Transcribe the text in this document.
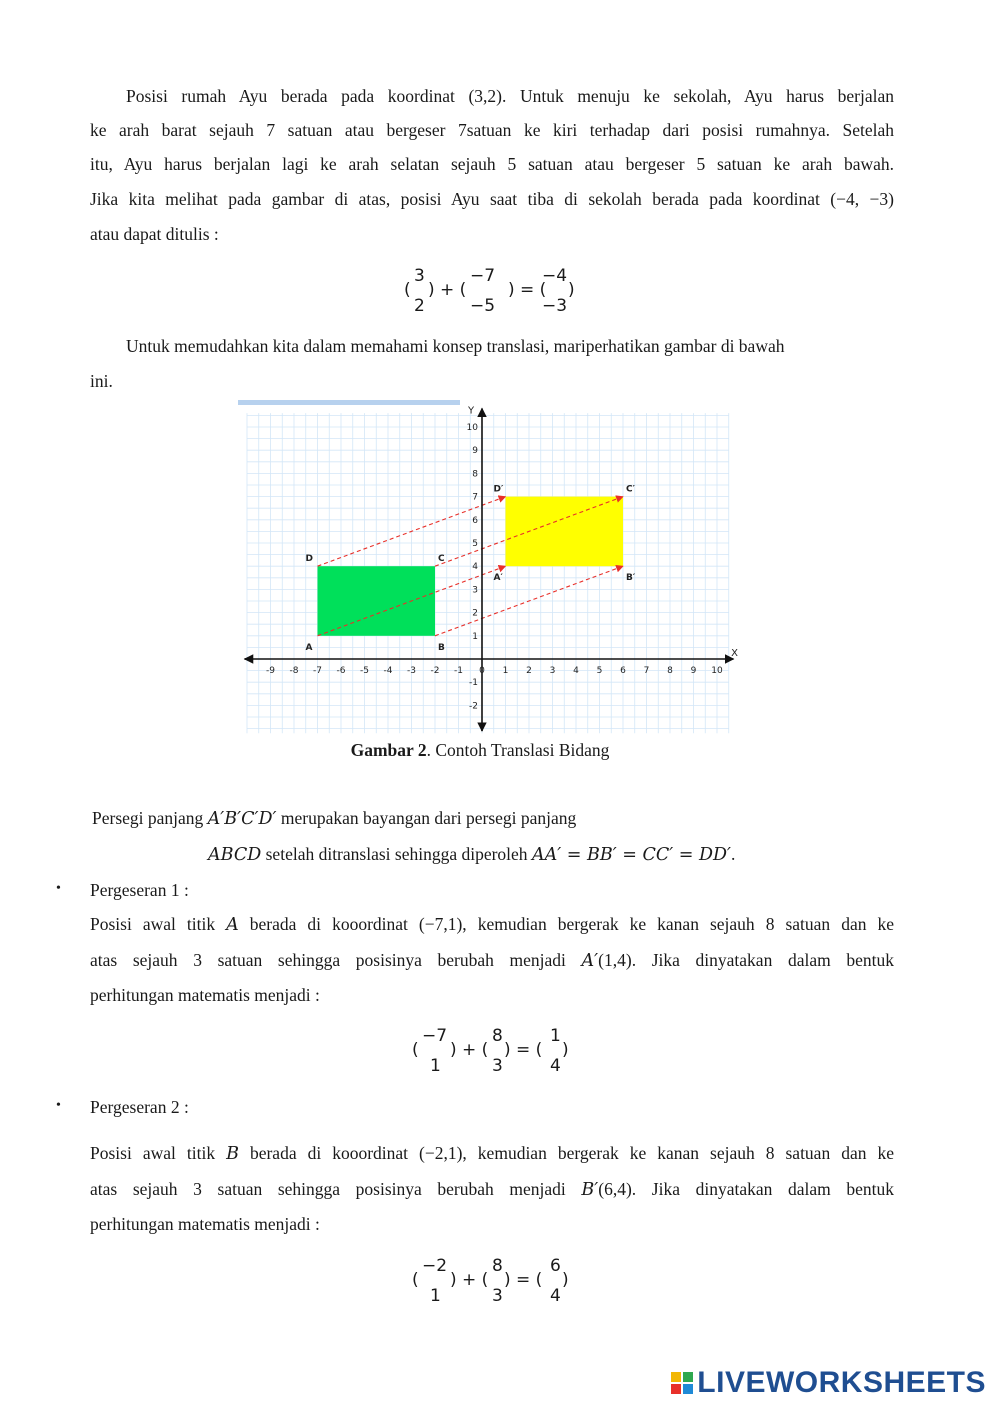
Posisi rumah Ayu berada pada koordinat (3,2). Untuk menuju ke sekolah, Ayu harus berjalan
ke arah barat sejauh 7 satuan atau bergeser 7satuan ke kiri terhadap dari posisi rumahnya. Setelah
itu, Ayu harus berjalan lagi ke arah selatan sejauh 5 satuan atau bergeser 5 satuan ke arah bawah.
Jika kita melihat pada gambar di atas, posisi Ayu saat tiba di sekolah berada pada koordinat (−4, −3)
atau dapat ditulis :
3
2
( ) + (
−7
−5
) = (
−4
−3
)
Untuk memudahkan kita dalam memahami konsep translasi, mariperhatikan gambar di bawah
ini.
A	B
C
D
A′	B′
C′
D′
X
Y
-9 -8 -7 -6 -5 -4 -3 -2 -1 0 1 2 3 4 5 6 7 8 9 10
-2
-1
1
2
3
4
5
6
7
8
9
10
Gambar 2. Contoh Translasi Bidang
Persegi panjang A′B′C′D′ merupakan bayangan dari persegi panjang
ABCD setelah ditranslasi sehingga diperoleh AA′ = BB′ = CC′ = DD′.
• Pergeseran 1 :
Posisi awal titik A berada di kooordinat (−7,1), kemudian bergerak ke kanan sejauh 8 satuan dan ke
atas sejauh 3 satuan sehingga posisinya berubah menjadi A′(1,4). Jika dinyatakan dalam bentuk
perhitungan matematis menjadi :
−7
1
( ) + (
8
3
) = (
1
4
)
• Pergeseran 2 :
Posisi awal titik B berada di kooordinat (−2,1), kemudian bergerak ke kanan sejauh 8 satuan dan ke
atas sejauh 3 satuan sehingga posisinya berubah menjadi B′(6,4). Jika dinyatakan dalam bentuk
perhitungan matematis menjadi :
−2
1
( ) + (
8
3
) = (
6
4
)
LIVEWORKSHEETS
